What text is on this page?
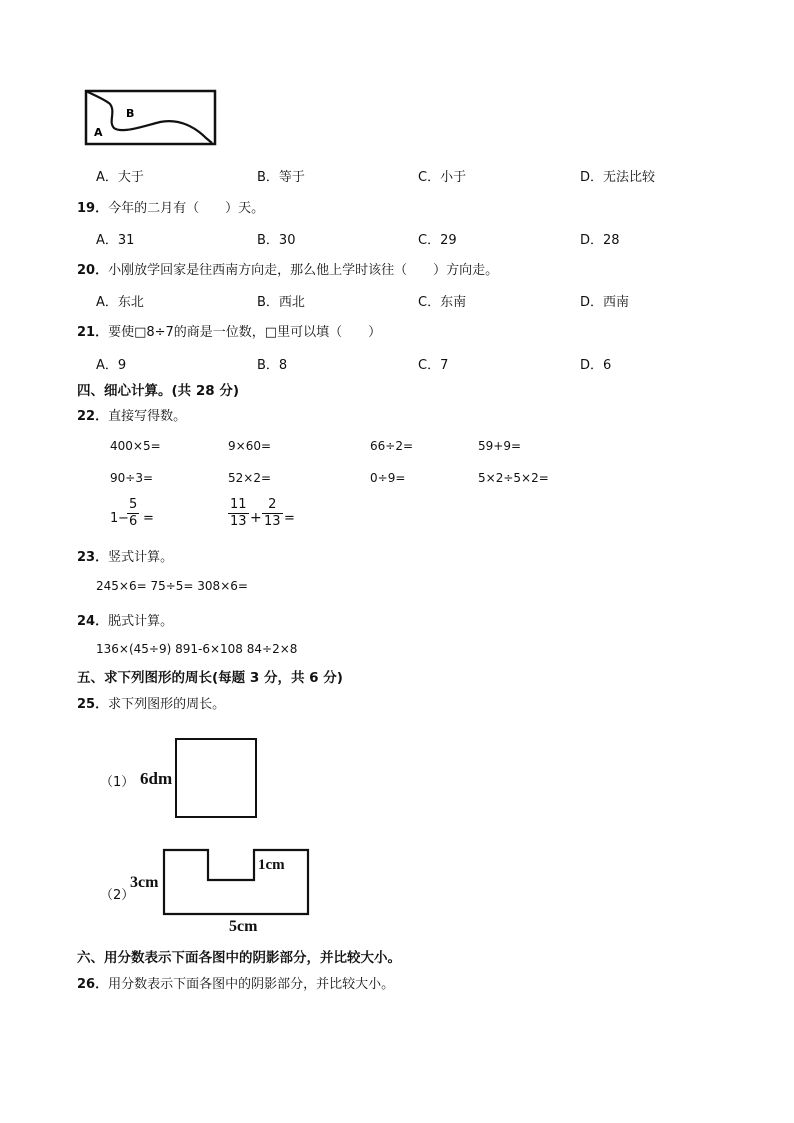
B
A
A．大于	B．等于	C．小于	D．无法比较
19．今年的二月有（　　）天。
A．31	B．30	C．29	D．28
20．小刚放学回家是往西南方向走，那么他上学时该往（　　）方向走。
A．东北	B．西北	C．东南	D．西南
21．要使□8÷7的商是一位数，□里可以填（　　）
A．9	B．8	C．7	D．6
四、细心计算。(共 28 分)
22．直接写得数。
400×5=	9×60=	66÷2=	59+9=
90÷3=	52×2=	0÷9=	5×2÷5×2=
1 −
$\frac{5}{6}$ =	$\frac{11}{13} + \frac{2}{13}$ =
23．竖式计算。
245×6= 75÷5= 308×6=
24．脱式计算。
136×(45÷9) 891-6×108 84÷2×8
五、求下列图形的周长(每题 3 分，共 6 分)
25．求下列图形的周长。
（1） 6dm
（2）
3cm
1cm
5cm
六、用分数表示下面各图中的阴影部分，并比较大小。
26．用分数表示下面各图中的阴影部分，并比较大小。
